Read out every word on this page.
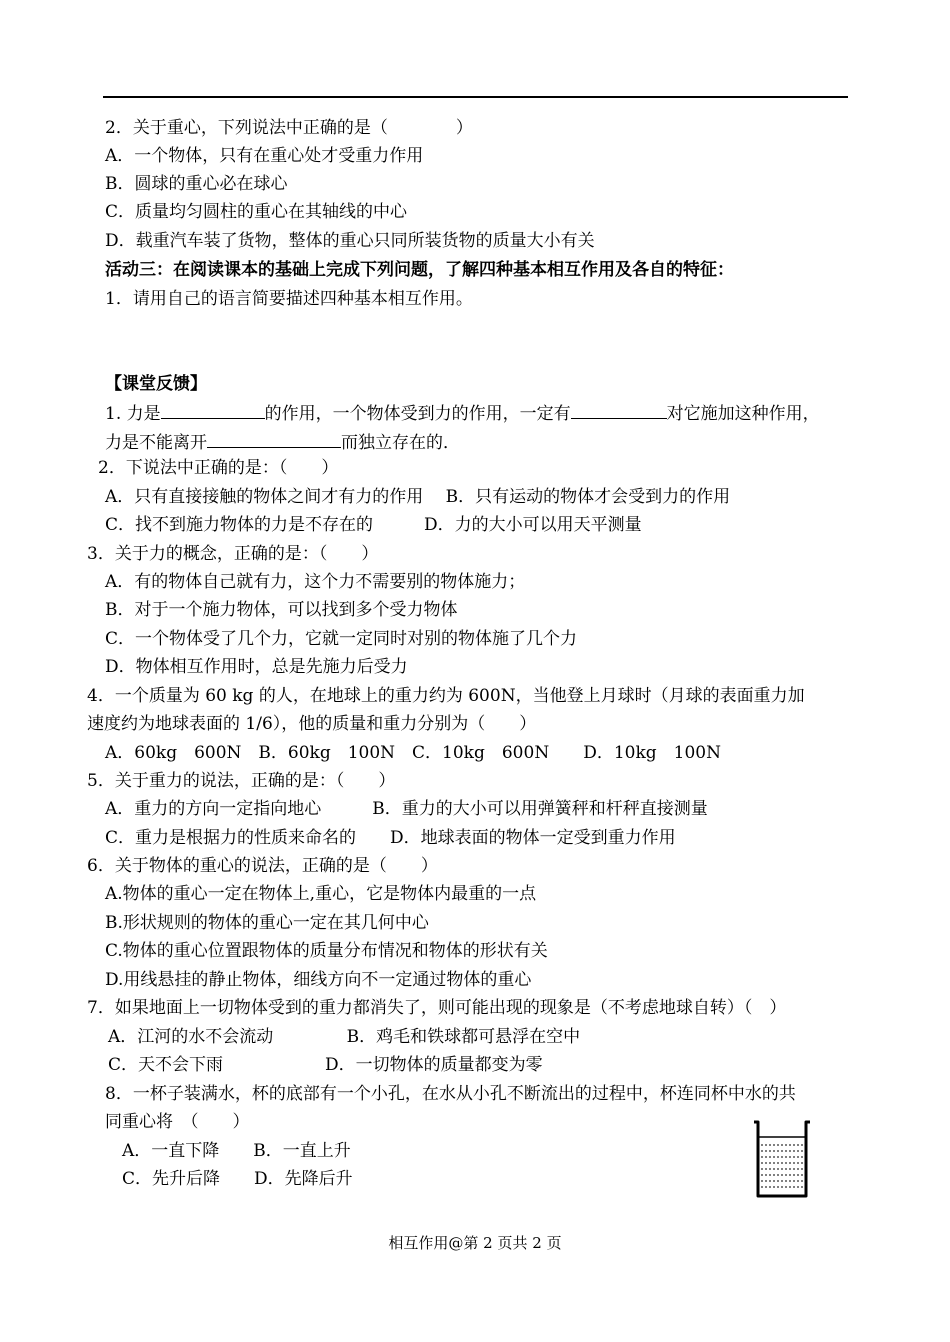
2．关于重心，下列说法中正确的是（　　　　）
A．一个物体，只有在重心处才受重力作用
B．圆球的重心必在球心
C．质量均匀圆柱的重心在其轴线的中心
D．载重汽车装了货物，整体的重心只同所装货物的质量大小有关
活动三：在阅读课本的基础上完成下列问题，了解四种基本相互作用及各自的特征：
1．请用自己的语言简要描述四种基本相互作用。
【课堂反馈】
1. 力是	的作用，一个物体受到力的作用，一定有	对它施加这种作用，
力是不能离开	而独立存在的．
2．下说法中正确的是：（　　）
A．只有直接接触的物体之间才有力的作用　 B．只有运动的物体才会受到力的作用
C．找不到施力物体的力是不存在的　　　D．力的大小可以用天平测量
3．关于力的概念，正确的是：（　　）
A．有的物体自己就有力，这个力不需要别的物体施力；
B．对于一个施力物体，可以找到多个受力物体
C．一个物体受了几个力，它就一定同时对别的物体施了几个力
D．物体相互作用时，总是先施力后受力
4．一个质量为 60 kg 的人，在地球上的重力约为 600N，当他登上月球时（月球的表面重力加
速度约为地球表面的 1/6），他的质量和重力分别为（　　）
A．60kg　600N　B．60kg　100N　C．10kg　600N　　D．10kg　100N
5．关于重力的说法，正确的是：（　　）
A．重力的方向一定指向地心　　　B．重力的大小可以用弹簧秤和杆秤直接测量
C．重力是根据力的性质来命名的　　D．地球表面的物体一定受到重力作用
6．关于物体的重心的说法，正确的是（　　）
A.物体的重心一定在物体上,重心，它是物体内最重的一点
B.形状规则的物体的重心一定在其几何中心
C.物体的重心位置跟物体的质量分布情况和物体的形状有关
D.用线悬挂的静止物体，细线方向不一定通过物体的重心
7．如果地面上一切物体受到的重力都消失了，则可能出现的现象是（不考虑地球自转）（　）
A．江河的水不会流动　　　　 B．鸡毛和铁球都可悬浮在空中
C．天不会下雨　　　　　　D．一切物体的质量都变为零
8．一杯子装满水，杯的底部有一个小孔，在水从小孔不断流出的过程中，杯连同杯中水的共
同重心将　（　　）
A．一直下降　　B．一直上升
C．先升后降　　D．先降后升
相互作用@第 2 页共 2 页
